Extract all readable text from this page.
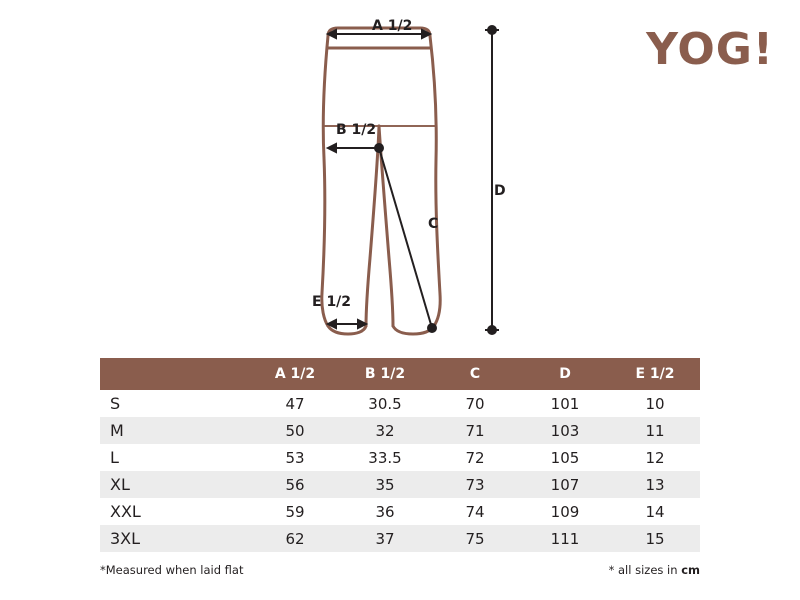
YOG!
A 1/2
B 1/2
C
D
E 1/2
	A 1/2	B 1/2	C	D	E 1/2
S	47	30.5	70	101	10
M	50	32	71	103	11
L	53	33.5	72	105	12
XL	56	35	73	107	13
XXL	59	36	74	109	14
3XL	62	37	75	111	15
*Measured when laid flat	* all sizes in cm
